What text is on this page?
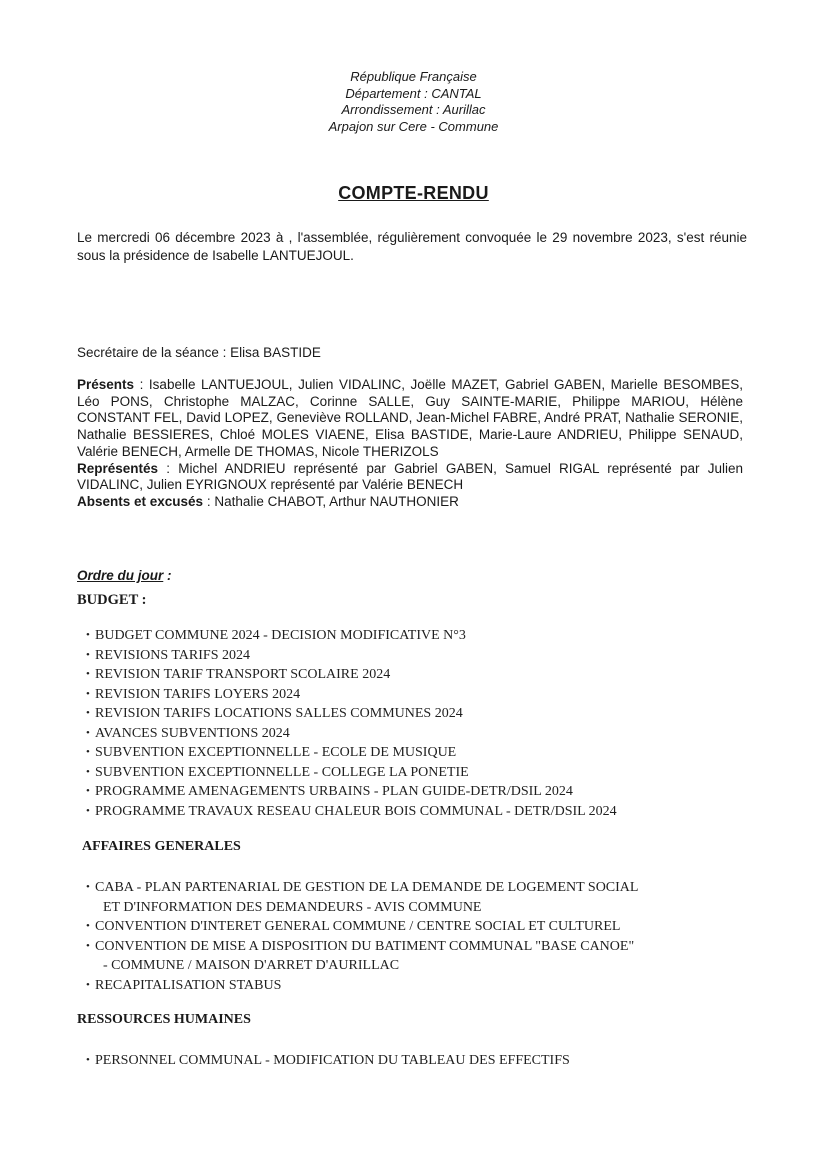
République Française
Département : CANTAL
Arrondissement : Aurillac
Arpajon sur Cere - Commune
COMPTE-RENDU
Le mercredi 06 décembre 2023 à , l'assemblée, régulièrement convoquée le 29 novembre 2023, s'est réunie sous la présidence de Isabelle LANTUEJOUL.
Secrétaire de la séance : Elisa BASTIDE

Présents : Isabelle LANTUEJOUL, Julien VIDALINC, Joëlle MAZET, Gabriel GABEN, Marielle BESOMBES, Léo PONS, Christophe MALZAC, Corinne SALLE, Guy SAINTE-MARIE, Philippe MARIOU, Hélène CONSTANT FEL, David LOPEZ, Geneviève ROLLAND, Jean-Michel FABRE, André PRAT, Nathalie SERONIE, Nathalie BESSIERES, Chloé MOLES VIAENE, Elisa BASTIDE, Marie-Laure ANDRIEU, Philippe SENAUD, Valérie BENECH, Armelle DE THOMAS, Nicole THERIZOLS

Représentés : Michel ANDRIEU représenté par Gabriel GABEN, Samuel RIGAL représenté par Julien VIDALINC, Julien EYRIGNOUX représenté par Valérie BENECH

Absents et excusés : Nathalie CHABOT, Arthur NAUTHONIER

Ordre du jour :
BUDGET :
• BUDGET COMMUNE 2024 - DECISION MODIFICATIVE N°3
• REVISIONS TARIFS 2024
• REVISION TARIF TRANSPORT SCOLAIRE 2024
• REVISION TARIFS LOYERS 2024
• REVISION TARIFS LOCATIONS SALLES COMMUNES 2024
• AVANCES SUBVENTIONS 2024
• SUBVENTION EXCEPTIONNELLE - ECOLE DE MUSIQUE
• SUBVENTION EXCEPTIONNELLE - COLLEGE LA PONETIE
• PROGRAMME AMENAGEMENTS URBAINS - PLAN GUIDE-DETR/DSIL 2024
• PROGRAMME TRAVAUX RESEAU CHALEUR BOIS COMMUNAL - DETR/DSIL 2024
AFFAIRES GENERALES
• CABA - PLAN PARTENARIAL DE GESTION DE LA DEMANDE DE LOGEMENT SOCIAL
ET D'INFORMATION DES DEMANDEURS - AVIS COMMUNE
• CONVENTION D'INTERET GENERAL COMMUNE / CENTRE SOCIAL ET CULTUREL
• CONVENTION DE MISE A DISPOSITION DU BATIMENT COMMUNAL "BASE CANOE"
- COMMUNE / MAISON D'ARRET D'AURILLAC
• RECAPITALISATION STABUS
RESSOURCES HUMAINES
• PERSONNEL COMMUNAL - MODIFICATION DU TABLEAU DES EFFECTIFS
